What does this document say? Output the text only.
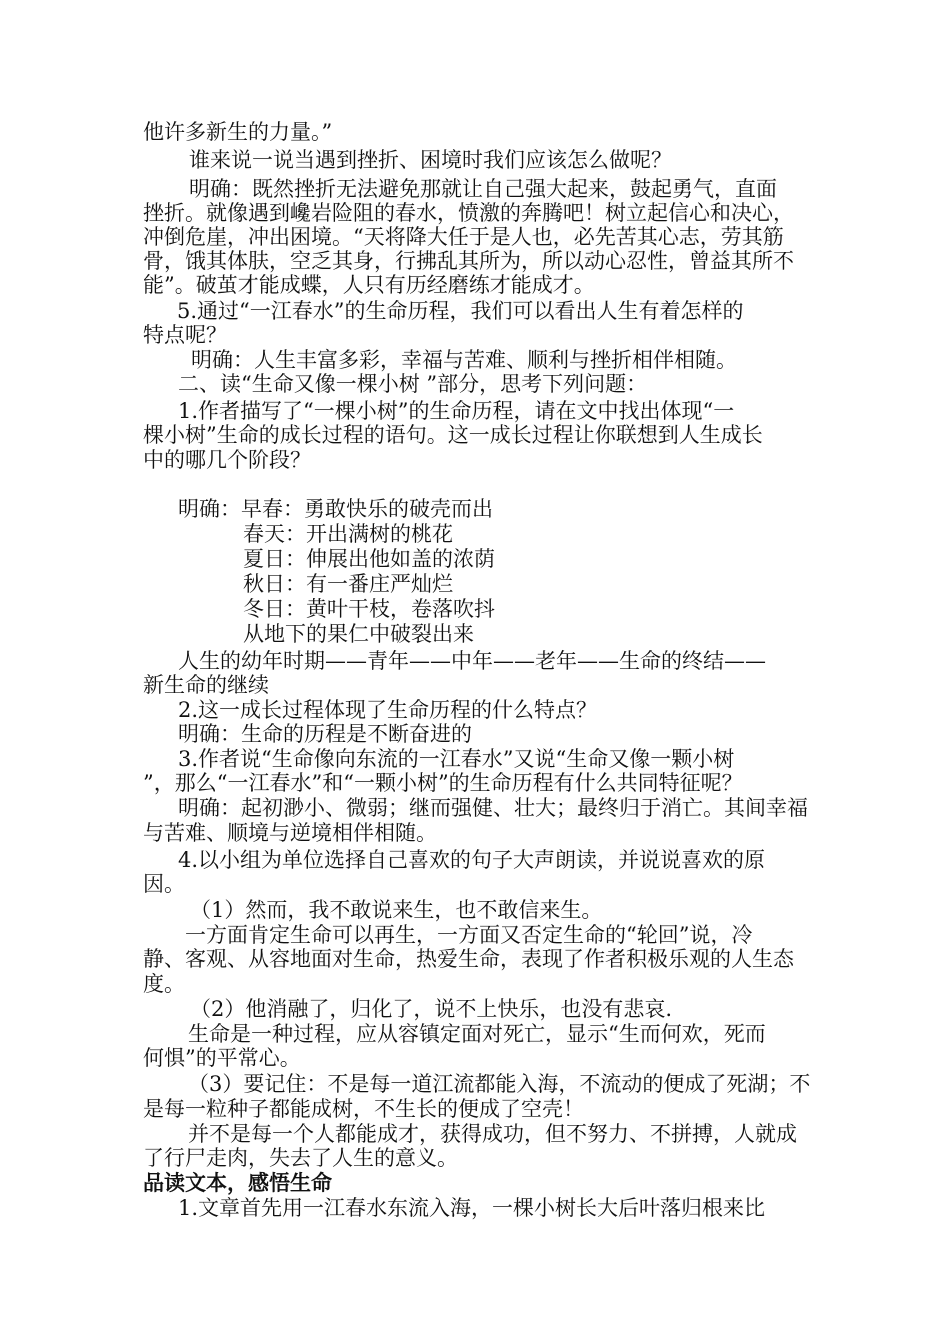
他许多新生的力量。”

谁来说一说当遇到挫折、困境时我们应该怎么做呢？

明确：既然挫折无法避免那就让自己强大起来，鼓起勇气，直面

挫折。就像遇到巉岩险阻的春水，愤激的奔腾吧！树立起信心和决心，

冲倒危崖，冲出困境。“天将降大任于是人也，必先苦其心志，劳其筋

骨，饿其体肤，空乏其身，行拂乱其所为，所以动心忍性，曾益其所不

能”。破茧才能成蝶，人只有历经磨练才能成才。

5.通过“一江春水”的生命历程，我们可以看出人生有着怎样的

特点呢？

明确：人生丰富多彩，幸福与苦难、顺利与挫折相伴相随。

二、读“生命又像一棵小树 ”部分，思考下列问题：

1.作者描写了“一棵小树”的生命历程，请在文中找出体现“一

棵小树”生命的成长过程的语句。这一成长过程让你联想到人生成长

中的哪几个阶段？

明确：早春：勇敢快乐的破壳而出

春天：开出满树的桃花

夏日：伸展出他如盖的浓荫

秋日：有一番庄严灿烂

冬日：黄叶干枝，卷落吹抖

从地下的果仁中破裂出来

人生的幼年时期——青年——中年——老年——生命的终结——

新生命的继续

2.这一成长过程体现了生命历程的什么特点？

明确：生命的历程是不断奋进的

3.作者说“生命像向东流的一江春水”又说“生命又像一颗小树

”，那么“一江春水”和“一颗小树”的生命历程有什么共同特征呢？

明确：起初渺小、微弱；继而强健、壮大；最终归于消亡。其间幸福

与苦难、顺境与逆境相伴相随。

4.以小组为单位选择自己喜欢的句子大声朗读，并说说喜欢的原

因。

（1）然而，我不敢说来生，也不敢信来生。

一方面肯定生命可以再生，一方面又否定生命的“轮回”说，冷

静、客观、从容地面对生命，热爱生命，表现了作者积极乐观的人生态

度。

（2）他消融了，归化了，说不上快乐，也没有悲哀.

生命是一种过程，应从容镇定面对死亡，显示“生而何欢，死而

何惧”的平常心。

（3）要记住：不是每一道江流都能入海，不流动的便成了死湖；不

是每一粒种子都能成树，不生长的便成了空壳！

并不是每一个人都能成才，获得成功，但不努力、不拼搏，人就成

了行尸走肉，失去了人生的意义。

品读文本，感悟生命

1.文章首先用一江春水东流入海，一棵小树长大后叶落归根来比
